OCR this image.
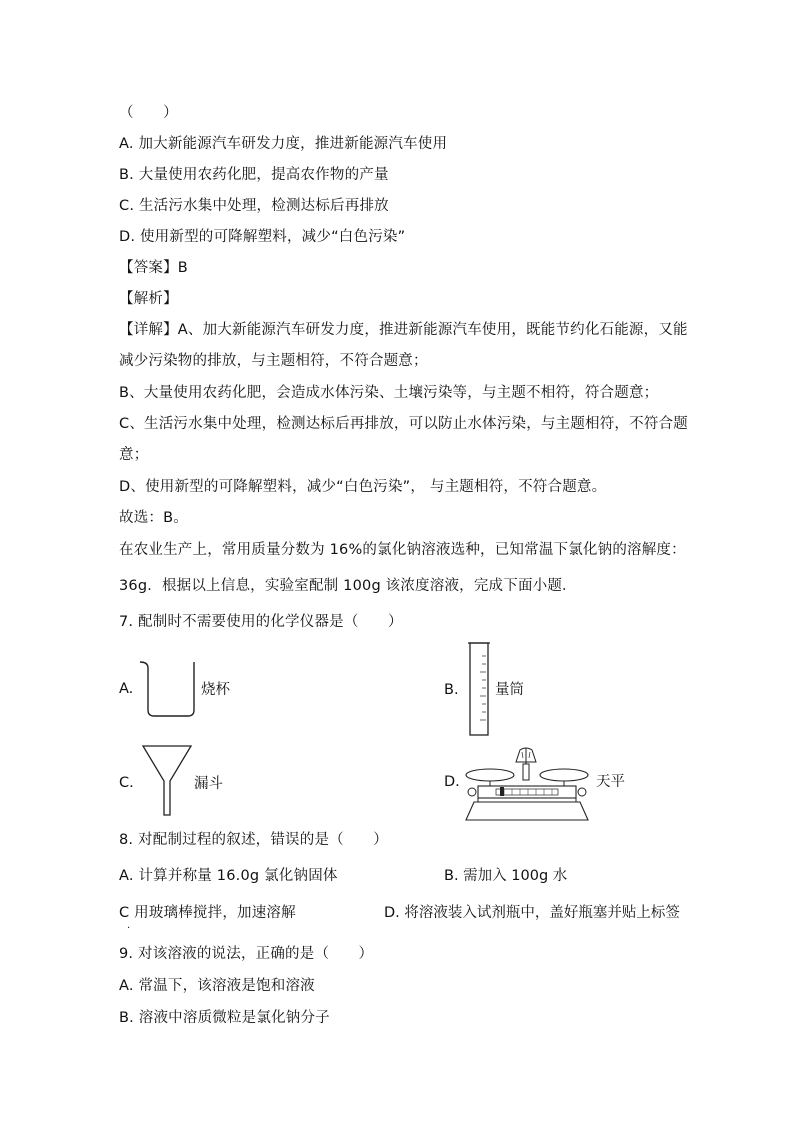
（　　）
A. 加大新能源汽车研发力度，推进新能源汽车使用
B. 大量使用农药化肥，提高农作物的产量
C. 生活污水集中处理，检测达标后再排放
D. 使用新型的可降解塑料，减少“白色污染”
【答案】B
【解析】
【详解】A、加大新能源汽车研发力度，推进新能源汽车使用，既能节约化石能源，又能
减少污染物的排放，与主题相符，不符合题意；
B、大量使用农药化肥，会造成水体污染、土壤污染等，与主题不相符，符合题意；
C、生活污水集中处理，检测达标后再排放，可以防止水体污染，与主题相符，不符合题
意；
D、使用新型的可降解塑料，减少“白色污染”， 与主题相符，不符合题意。
故选：B。
在农业生产上，常用质量分数为 16%的氯化钠溶液选种，已知常温下氯化钠的溶解度：
36g．根据以上信息，实验室配制 100g 该浓度溶液，完成下面小题．
7. 配制时不需要使用的化学仪器是（　　）
A.	烧杯	B.	量筒
C.	漏斗	D.	天平
8. 对配制过程的叙述，错误的是（　　）
A. 计算并称量 16.0g 氯化钠固体	B. 需加入 100g 水
C 用玻璃棒搅拌，加速溶解	D. 将溶液装入试剂瓶中，盖好瓶塞并贴上标签
.
9. 对该溶液的说法，正确的是（　　）
A. 常温下，该溶液是饱和溶液
B. 溶液中溶质微粒是氯化钠分子
